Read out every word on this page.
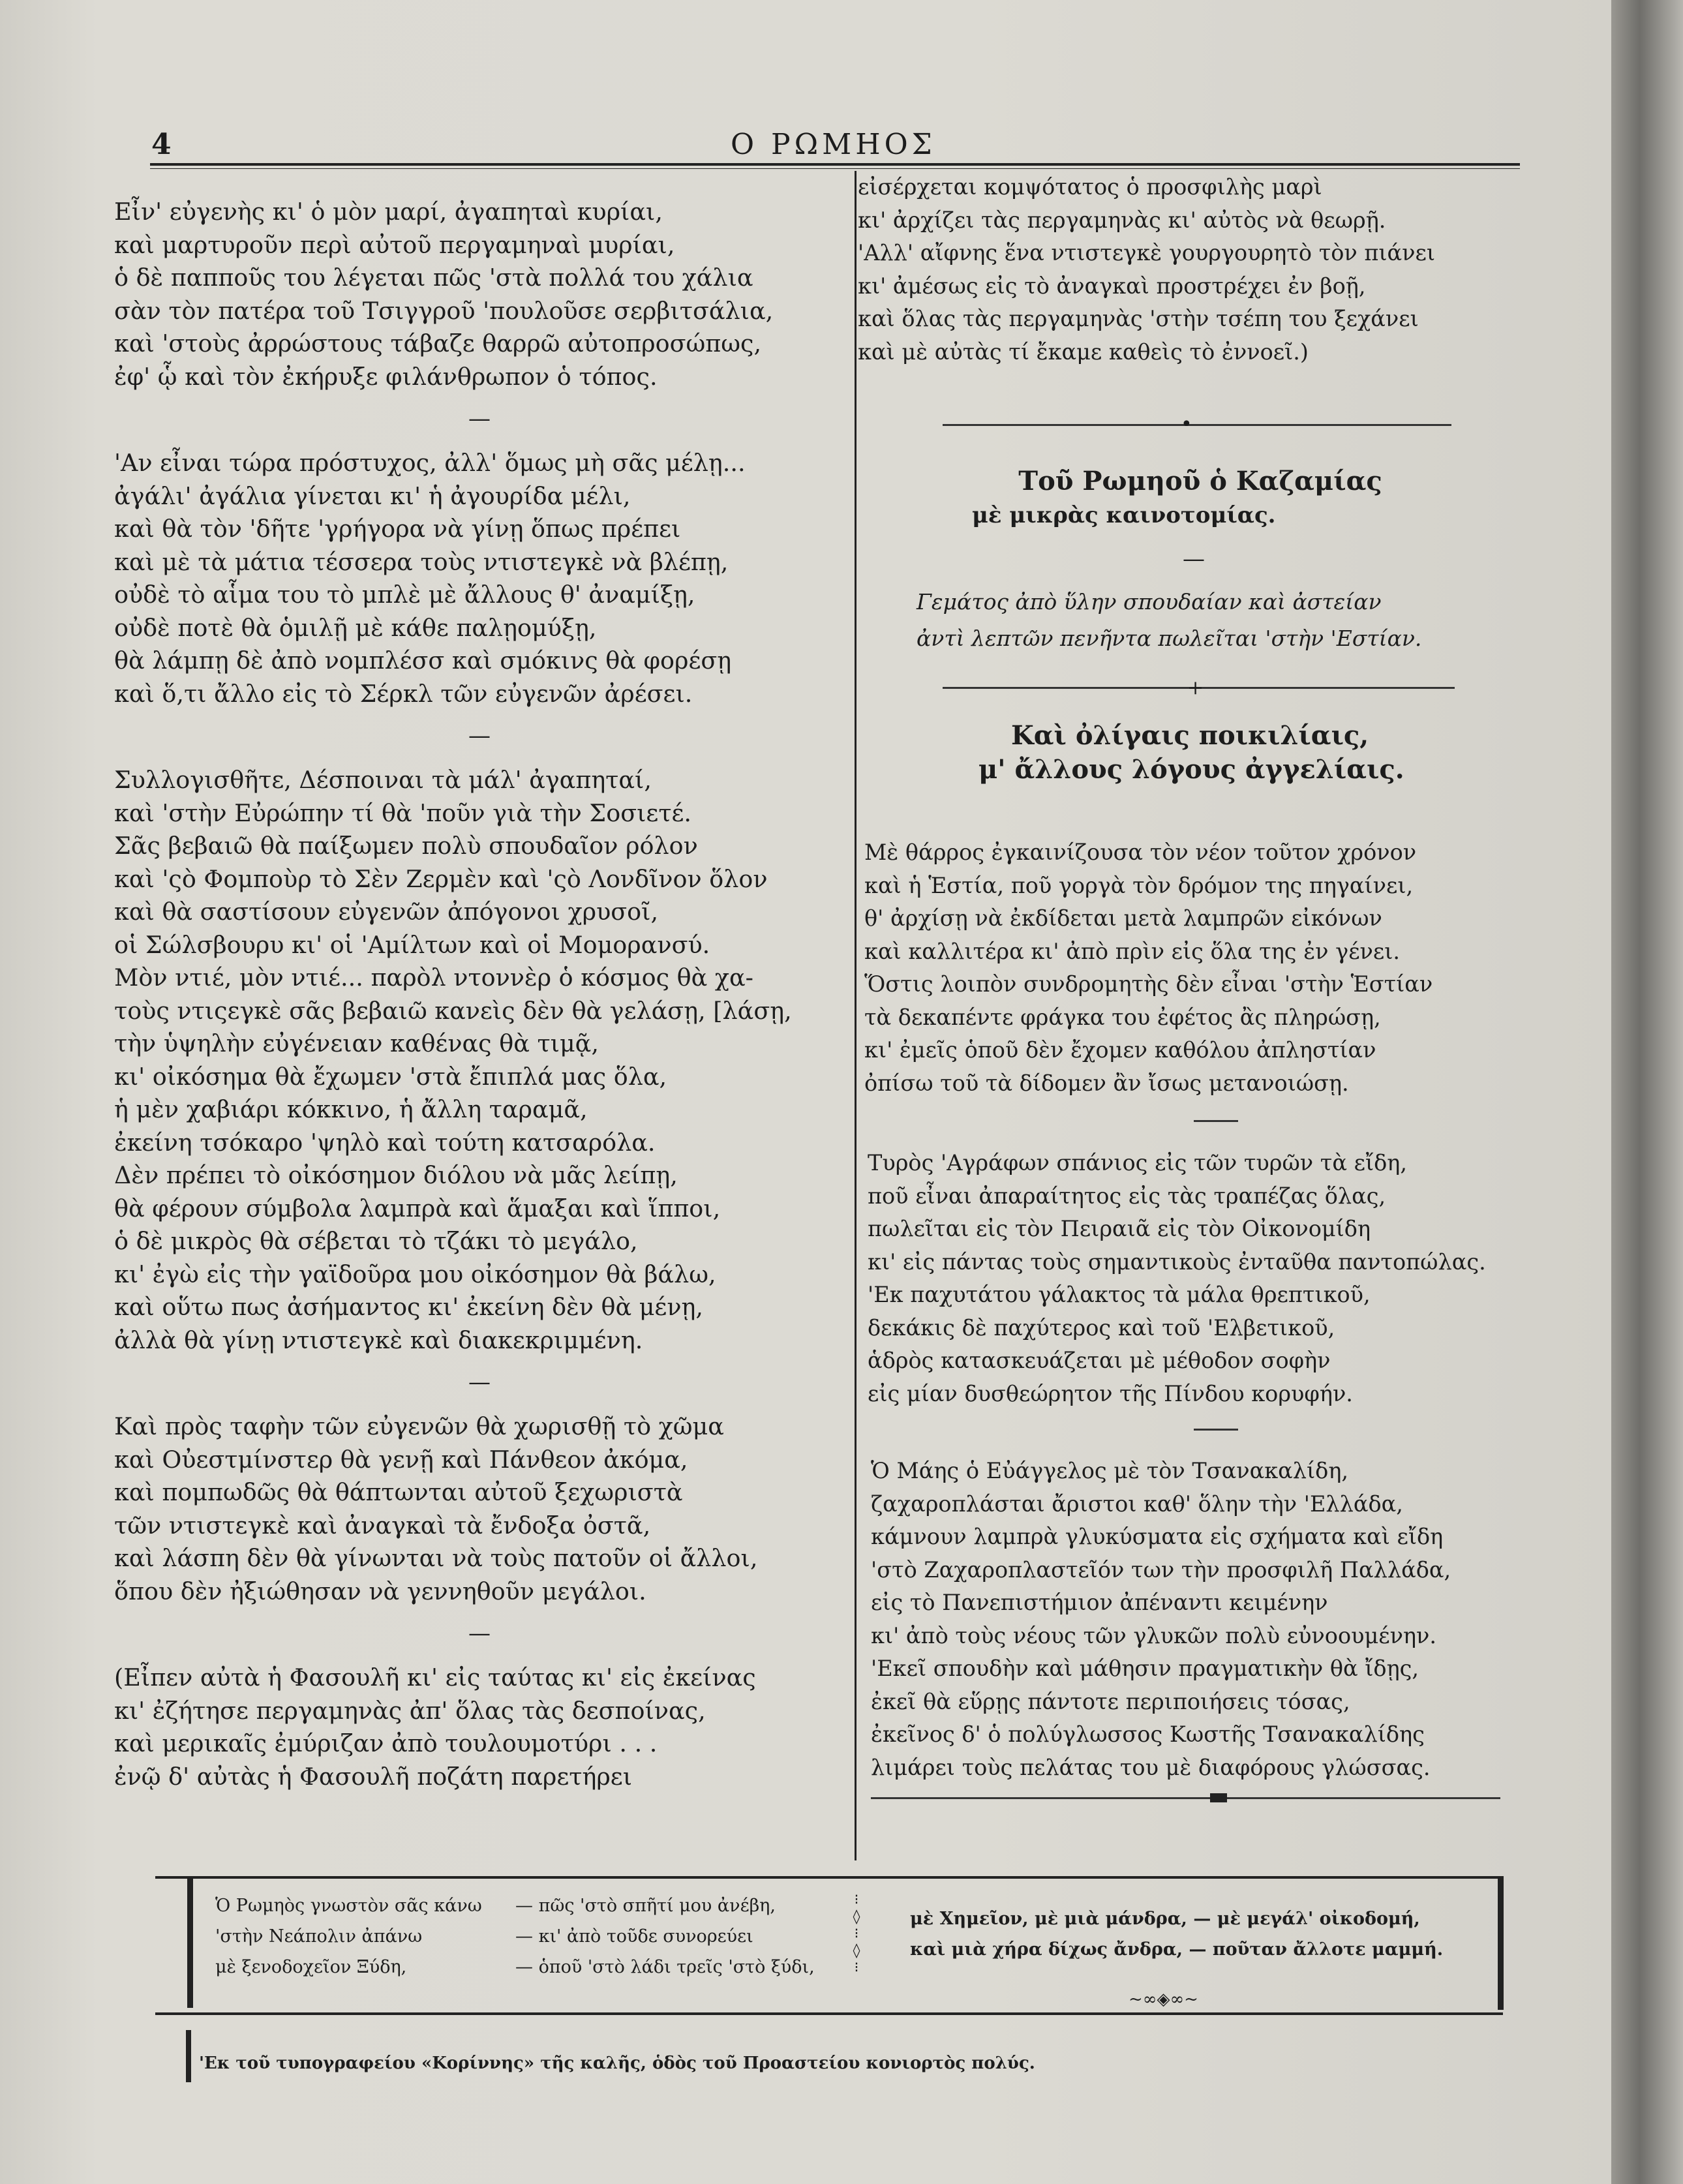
4	Ο ΡΩΜΗΟΣ
Εἶν' εὐγενὴς κι' ὁ μὸν μαρί, ἀγαπηταὶ κυρίαι,
καὶ μαρτυροῦν περὶ αὐτοῦ περγαμηναὶ μυρίαι,
ὁ δὲ παπποῦς του λέγεται πῶς 'στὰ πολλά του χάλια
σὰν τὸν πατέρα τοῦ Τσιγγροῦ 'πουλοῦσε σερβιτσάλια,
καὶ 'στοὺς ἀρρώστους τάβαζε θαρρῶ αὐτοπροσώπως,
ἐφ' ᾧ καὶ τὸν ἐκήρυξε φιλάνθρωπον ὁ τόπος.
—
'Αν εἶναι τώρα πρόστυχος, ἀλλ' ὅμως μὴ σᾶς μέλῃ...
ἀγάλι' ἀγάλια γίνεται κι' ἡ ἀγουρίδα μέλι,
καὶ θὰ τὸν 'δῆτε 'γρήγορα νὰ γίνῃ ὅπως πρέπει
καὶ μὲ τὰ μάτια τέσσερα τοὺς ντιστεγκὲ νὰ βλέπῃ,
οὐδὲ τὸ αἷμα του τὸ μπλὲ μὲ ἄλλους θ' ἀναμίξῃ,
οὐδὲ ποτὲ θὰ ὁμιλῇ μὲ κάθε παλῃομύξῃ,
θὰ λάμπῃ δὲ ἀπὸ νομπλέσσ καὶ σμόκινς θὰ φορέσῃ
καὶ ὅ,τι ἄλλο εἰς τὸ Σέρκλ τῶν εὐγενῶν ἀρέσει.
—
Συλλογισθῆτε, Δέσποιναι τὰ μάλ' ἀγαπηταί,
καὶ 'στὴν Εὐρώπην τί θὰ 'ποῦν γιὰ τὴν Σοσιετέ.
Σᾶς βεβαιῶ θὰ παίξωμεν πολὺ σπουδαῖον ρόλον
καὶ 'ςὸ Φομποὺρ τὸ Σὲν Ζερμὲν καὶ 'ςὸ Λονδῖνον ὅλον
καὶ θὰ σαστίσουν εὐγενῶν ἀπόγονοι χρυσοῖ,
οἱ Σώλσβουρυ κι' οἱ 'Αμίλτων καὶ οἱ Μομορανσύ.
Μὸν ντιέ, μὸν ντιέ... παρὸλ ντοννὲρ ὁ κόσμος θὰ χα-
τοὺς ντιςεγκὲ σᾶς βεβαιῶ κανεὶς δὲν θὰ γελάσῃ, [λάσῃ,
τὴν ὑψηλὴν εὐγένειαν καθένας θὰ τιμᾷ,
κι' οἰκόσημα θὰ ἔχωμεν 'στὰ ἔπιπλά μας ὅλα,
ἡ μὲν χαβιάρι κόκκινο, ἡ ἄλλη ταραμᾶ,
ἐκείνη τσόκαρο 'ψηλὸ καὶ τούτη κατσαρόλα.
Δὲν πρέπει τὸ οἰκόσημον διόλου νὰ μᾶς λείπῃ,
θὰ φέρουν σύμβολα λαμπρὰ καὶ ἅμαξαι καὶ ἵπποι,
ὁ δὲ μικρὸς θὰ σέβεται τὸ τζάκι τὸ μεγάλο,
κι' ἐγὼ εἰς τὴν γαϊδοῦρα μου οἰκόσημον θὰ βάλω,
καὶ οὕτω πως ἀσήμαντος κι' ἐκείνη δὲν θὰ μένῃ,
ἀλλὰ θὰ γίνῃ ντιστεγκὲ καὶ διακεκριμμένη.
—
Καὶ πρὸς ταφὴν τῶν εὐγενῶν θὰ χωρισθῇ τὸ χῶμα
καὶ Οὐεστμίνστερ θὰ γενῇ καὶ Πάνθεον ἀκόμα,
καὶ πομπωδῶς θὰ θάπτωνται αὐτοῦ ξεχωριστὰ
τῶν ντιστεγκὲ καὶ ἀναγκαὶ τὰ ἔνδοξα ὀστᾶ,
καὶ λάσπη δὲν θὰ γίνωνται νὰ τοὺς πατοῦν οἱ ἄλλοι,
ὅπου δὲν ἠξιώθησαν νὰ γεννηθοῦν μεγάλοι.
—
(Εἶπεν αὐτὰ ἡ Φασουλῆ κι' εἰς ταύτας κι' εἰς ἐκείνας
κι' ἐζήτησε περγαμηνὰς ἀπ' ὅλας τὰς δεσποίνας,
καὶ μερικαῖς ἐμύριζαν ἀπὸ τουλουμοτύρι . . .
ἐνῷ δ' αὐτὰς ἡ Φασουλῆ ποζάτη παρετήρει
εἰσέρχεται κομψότατος ὁ προσφιλὴς μαρὶ
κι' ἀρχίζει τὰς περγαμηνὰς κι' αὐτὸς νὰ θεωρῇ.
'Αλλ' αἴφνης ἕνα ντιστεγκὲ γουργουρητὸ τὸν πιάνει
κι' ἀμέσως εἰς τὸ ἀναγκαὶ προστρέχει ἐν βοῇ,
καὶ ὅλας τὰς περγαμηνὰς 'στὴν τσέπη του ξεχάνει
καὶ μὲ αὐτὰς τί ἔκαμε καθεὶς τὸ ἐννοεῖ.)
•
Τοῦ Ρωμηοῦ ὁ Καζαμίας
μὲ μικρὰς καινοτομίας.
—
Γεμάτος ἀπὸ ὕλην σπουδαίαν καὶ ἀστείαν
ἀντὶ λεπτῶν πενῆντα πωλεῖται 'στὴν 'Εστίαν.
+
Καὶ ὀλίγαις ποικιλίαις,
μ' ἄλλους λόγους ἀγγελίαις.
Μὲ θάρρος ἐγκαινίζουσα τὸν νέον τοῦτον χρόνον
καὶ ἡ Ἑστία, ποῦ γοργὰ τὸν δρόμον της πηγαίνει,
θ' ἀρχίσῃ νὰ ἐκδίδεται μετὰ λαμπρῶν εἰκόνων
καὶ καλλιτέρα κι' ἀπὸ πρὶν εἰς ὅλα της ἐν γένει.
Ὅστις λοιπὸν συνδρομητὴς δὲν εἶναι 'στὴν Ἑστίαν
τὰ δεκαπέντε φράγκα του ἐφέτος ἂς πληρώσῃ,
κι' ἐμεῖς ὁποῦ δὲν ἔχομεν καθόλου ἀπληστίαν
ὀπίσω τοῦ τὰ δίδομεν ἂν ἴσως μετανοιώσῃ.
Τυρὸς 'Αγράφων σπάνιος εἰς τῶν τυρῶν τὰ εἴδη,
ποῦ εἶναι ἀπαραίτητος εἰς τὰς τραπέζας ὅλας,
πωλεῖται εἰς τὸν Πειραιᾶ εἰς τὸν Οἰκονομίδη
κι' εἰς πάντας τοὺς σημαντικοὺς ἐνταῦθα παντοπώλας.
'Εκ παχυτάτου γάλακτος τὰ μάλα θρεπτικοῦ,
δεκάκις δὲ παχύτερος καὶ τοῦ 'Ελβετικοῦ,
ἁδρὸς κατασκευάζεται μὲ μέθοδον σοφὴν
εἰς μίαν δυσθεώρητον τῆς Πίνδου κορυφήν.
Ὁ Μάης ὁ Εὐάγγελος μὲ τὸν Τσανακαλίδη,
ζαχαροπλάσται ἄριστοι καθ' ὅλην τὴν 'Ελλάδα,
κάμνουν λαμπρὰ γλυκύσματα εἰς σχήματα καὶ εἴδη
'στὸ Ζαχαροπλαστεῖόν των τὴν προσφιλῆ Παλλάδα,
εἰς τὸ Πανεπιστήμιον ἀπέναντι κειμένην
κι' ἀπὸ τοὺς νέους τῶν γλυκῶν πολὺ εὐνοουμένην.
'Εκεῖ σπουδὴν καὶ μάθησιν πραγματικὴν θὰ ἴδῃς,
ἐκεῖ θὰ εὕρῃς πάντοτε περιποιήσεις τόσας,
ἐκεῖνος δ' ὁ πολύγλωσσος Κωστῆς Τσανακαλίδης
λιμάρει τοὺς πελάτας του μὲ διαφόρους γλώσσας.
Ὁ Ρωμηὸς γνωστὸν σᾶς κάνω — πῶς 'στὸ σπῆτί μου ἀνέβη,
'στὴν Νεάπολιν ἀπάνω	— κι' ἀπὸ τοῦδε συνορεύει
μὲ ξενοδοχεῖον Ξύδη,	— ὁποῦ 'στὸ λάδι τρεῖς 'στὸ ξύδι,
⁝
◊
⁝
◊
⁝
μὲ Χημεῖον, μὲ μιὰ μάνδρα, — μὲ μεγάλ' οἰκοδομή,
καὶ μιὰ χήρα δίχως ἄνδρα, — ποῦταν ἄλλοτε μαμμή.
~∞◈∞~
'Εκ τοῦ τυπογραφείου «Κορίννης» τῆς καλῆς, ὁδὸς τοῦ Προαστείου κονιορτὸς πολύς.
